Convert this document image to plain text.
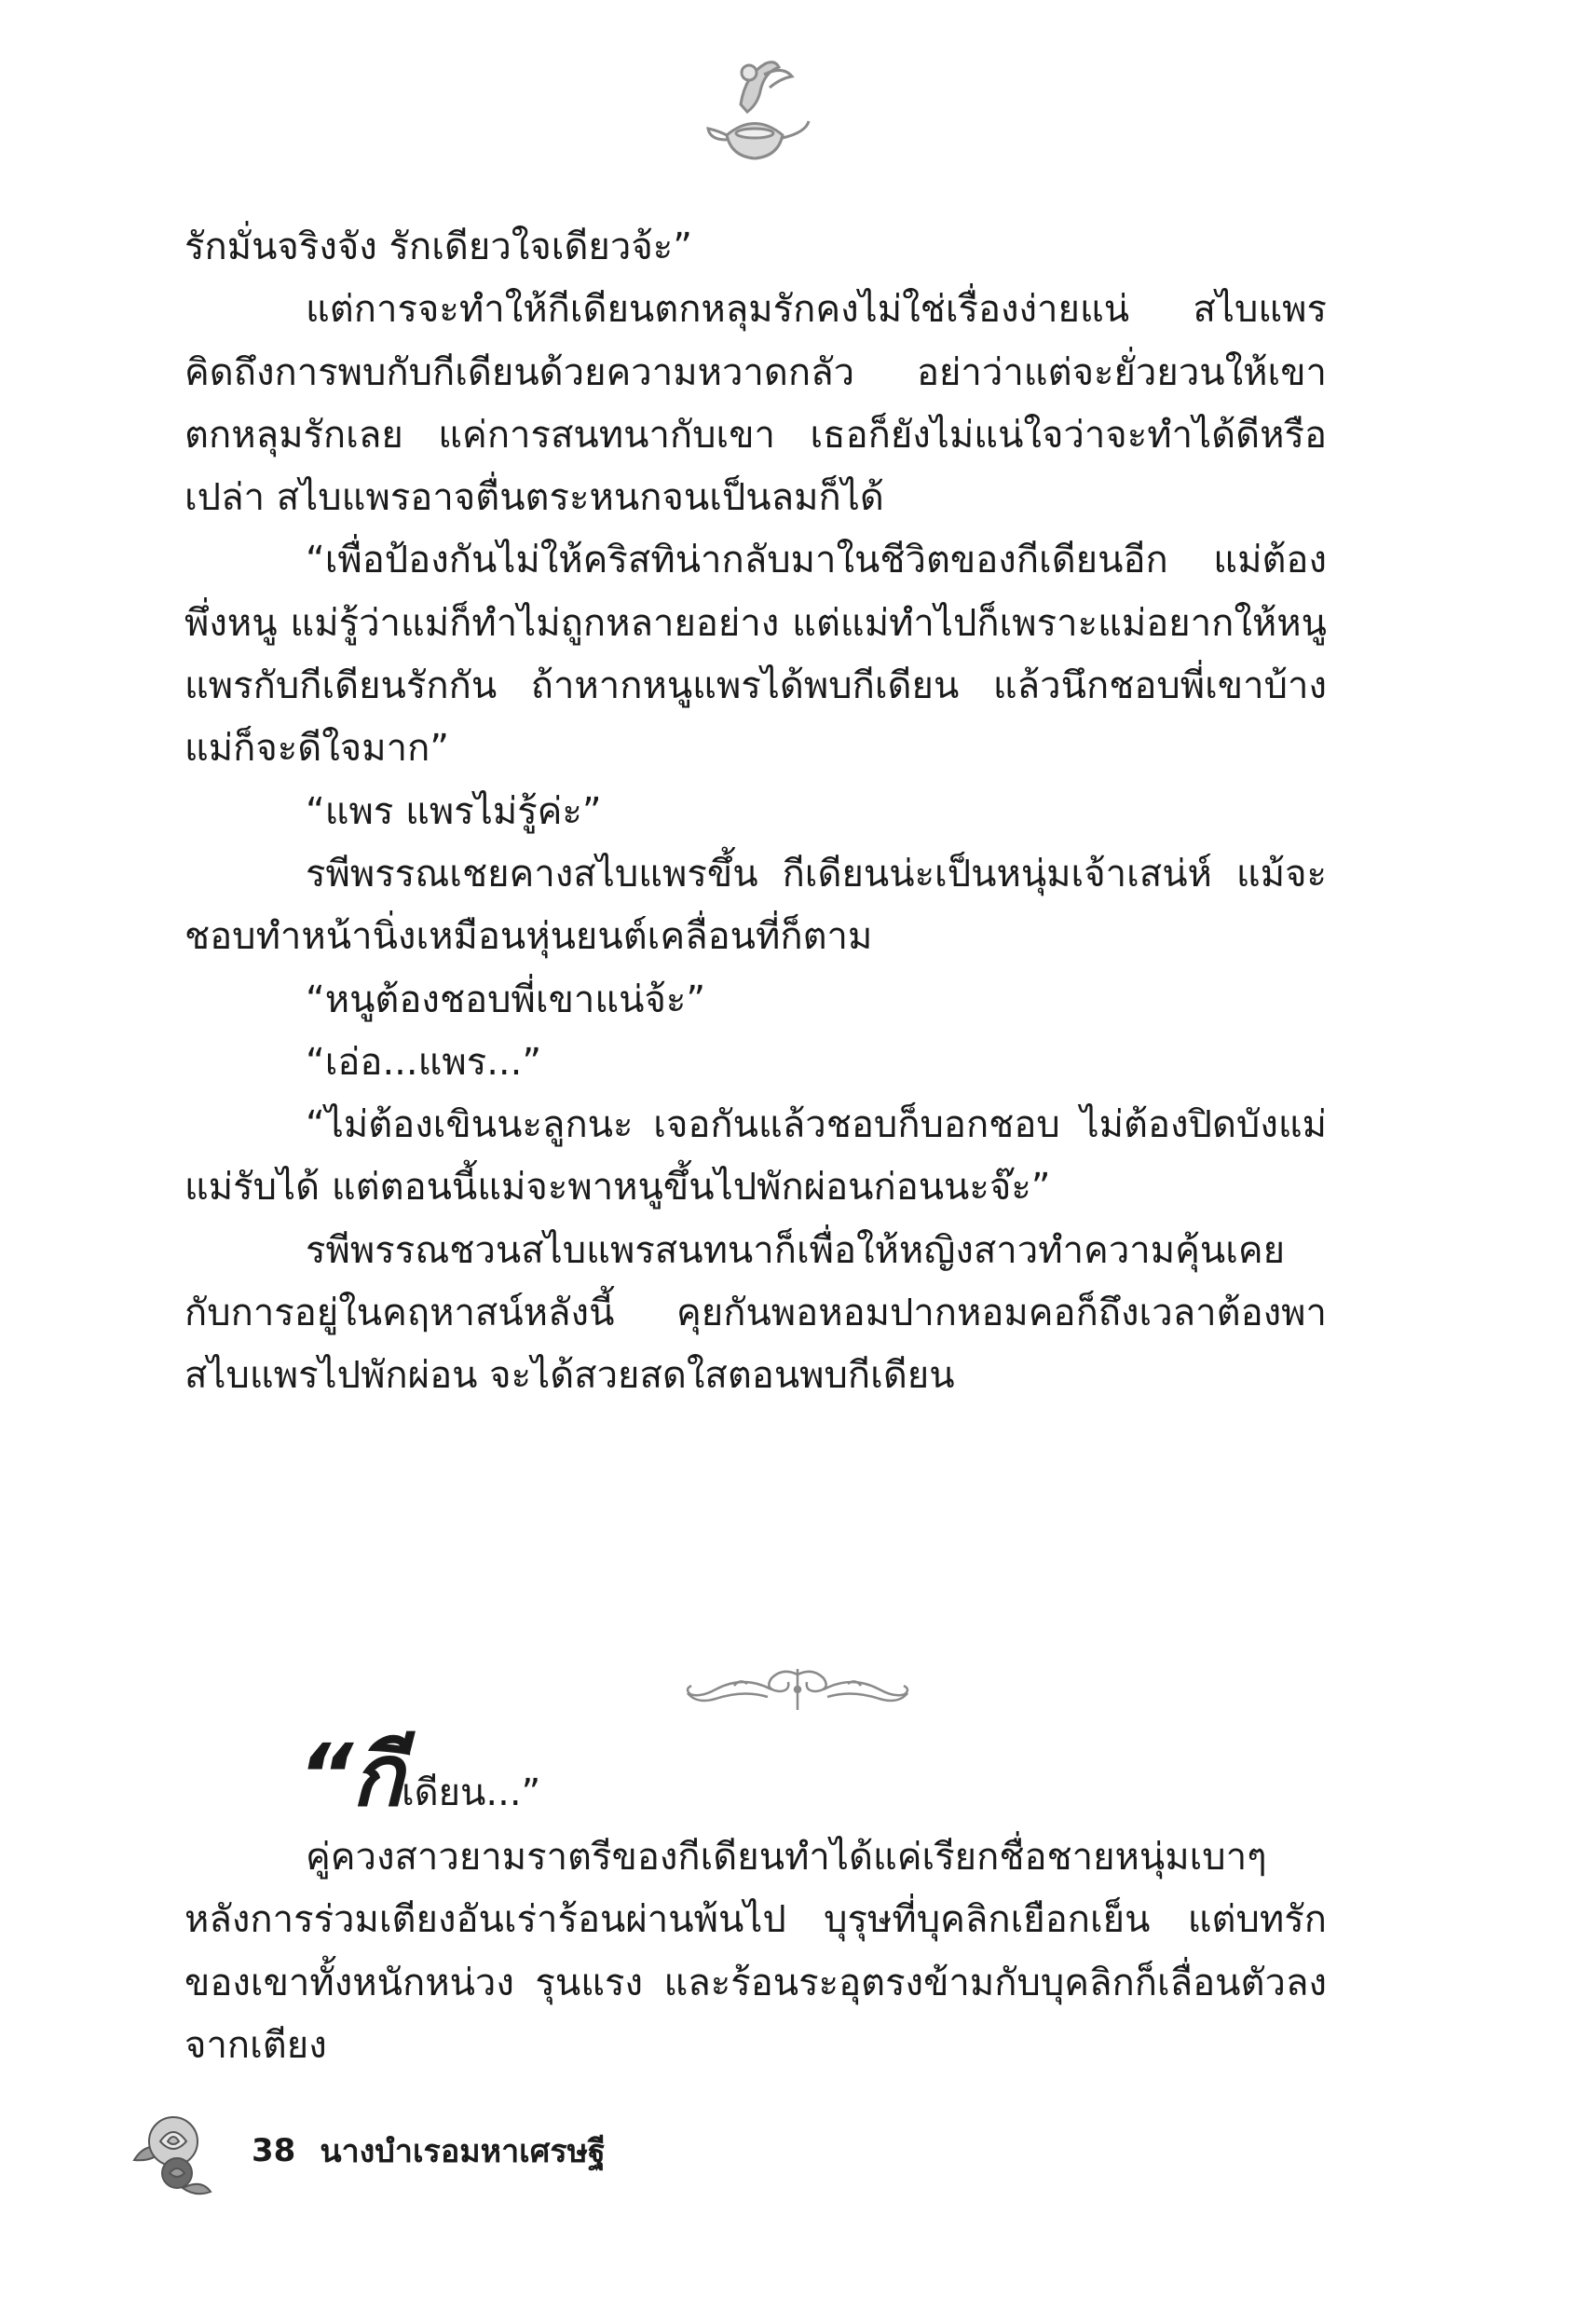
รักมั่นจริงจัง รักเดียวใจเดียวจ้ะ”

แต่การจะทำให้กีเดียนตกหลุมรักคงไม่ใช่เรื่องง่ายแน่ สไบแพรคิดถึงการพบกับกีเดียนด้วยความหวาดกลัว อย่าว่าแต่จะยั่วยวนให้เขาตกหลุมรักเลย แค่การสนทนากับเขา เธอก็ยังไม่แน่ใจว่าจะทำได้ดีหรือเปล่า สไบแพรอาจตื่นตระหนกจนเป็นลมก็ได้

“เพื่อป้องกันไม่ให้คริสทิน่ากลับมาในชีวิตของกีเดียนอีก แม่ต้องพึ่งหนู แม่รู้ว่าแม่ก็ทำไม่ถูกหลายอย่าง แต่แม่ทำไปก็เพราะแม่อยากให้หนูแพรกับกีเดียนรักกัน ถ้าหากหนูแพรได้พบกีเดียน แล้วนึกชอบพี่เขาบ้าง แม่ก็จะดีใจมาก”

“แพร แพรไม่รู้ค่ะ”

รพีพรรณเชยคางสไบแพรขึ้น กีเดียนน่ะเป็นหนุ่มเจ้าเสน่ห์ แม้จะชอบทำหน้านิ่งเหมือนหุ่นยนต์เคลื่อนที่ก็ตาม

“หนูต้องชอบพี่เขาแน่จ้ะ”

“เอ่อ...แพร...”

“ไม่ต้องเขินนะลูกนะ เจอกันแล้วชอบก็บอกชอบ ไม่ต้องปิดบังแม่ แม่รับได้ แต่ตอนนี้แม่จะพาหนูขึ้นไปพักผ่อนก่อนนะจ๊ะ”

รพีพรรณชวนสไบแพรสนทนาก็เพื่อให้หญิงสาวทำความคุ้นเคยกับการอยู่ในคฤหาสน์หลังนี้ คุยกันพอหอมปากหอมคอก็ถึงเวลาต้องพาสไบแพรไปพักผ่อน จะได้สวยสดใสตอนพบกีเดียน

“กีเดียน...”

คู่ควงสาวยามราตรีของกีเดียนทำได้แค่เรียกชื่อชายหนุ่มเบาๆ หลังการร่วมเตียงอันเร่าร้อนผ่านพ้นไป บุรุษที่บุคลิกเยือกเย็น แต่บทรักของเขาทั้งหนักหน่วง รุนแรง และร้อนระอุตรงข้ามกับบุคลิกก็เลื่อนตัวลงจากเตียง

38 นางบำเรอมหาเศรษฐี
